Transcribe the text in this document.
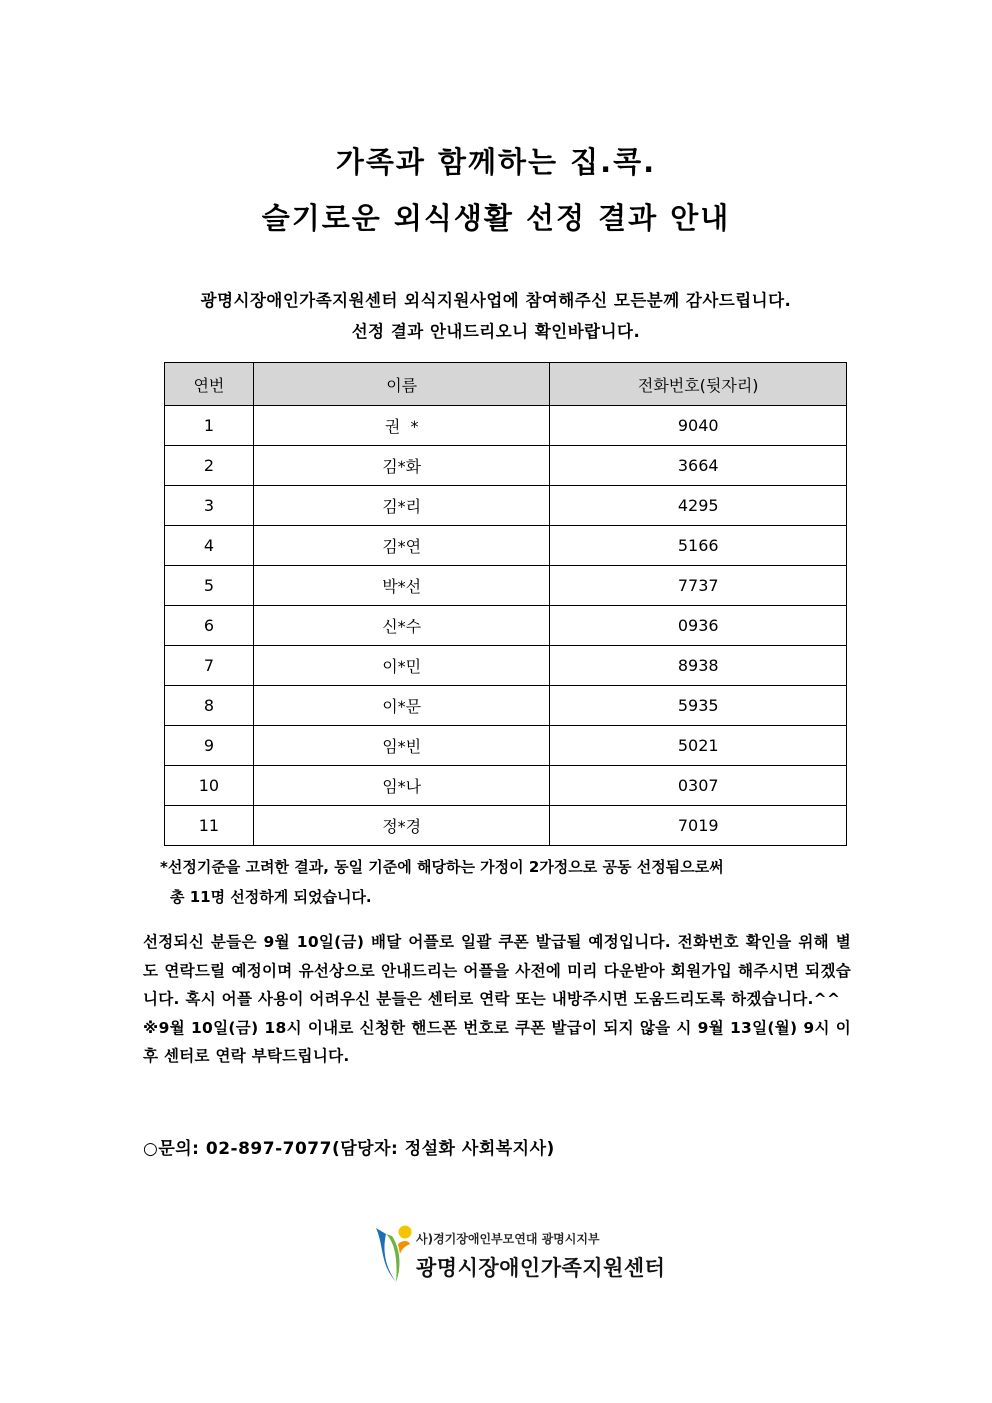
가족과 함께하는 집.콕.
슬기로운 외식생활 선정 결과 안내
광명시장애인가족지원센터 외식지원사업에 참여해주신 모든분께 감사드립니다.
선정 결과 안내드리오니 확인바랍니다.
연번	이름	전화번호(뒷자리)
1	권  *	9040
2	김*화	3664
3	김*리	4295
4	김*연	5166
5	박*선	7737
6	신*수	0936
7	이*민	8938
8	이*문	5935
9	임*빈	5021
10	임*나	0307
11	정*경	7019
*선정기준을 고려한 결과, 동일 기준에 해당하는 가정이 2가정으로 공동 선정됨으로써
총 11명 선정하게 되었습니다.

선정되신 분들은 9월 10일(금) 배달 어플로 일괄 쿠폰 발급될 예정입니다. 전화번호 확인을 위해 별도 연락드릴 예정이며 유선상으로 안내드리는 어플을 사전에 미리 다운받아 회원가입 해주시면 되겠습니다. 혹시 어플 사용이 어려우신 분들은 센터로 연락 또는 내방주시면 도움드리도록 하겠습니다.^^

※9월 10일(금) 18시 이내로 신청한 핸드폰 번호로 쿠폰 발급이 되지 않을 시 9월 13일(월) 9시 이후 센터로 연락 부탁드립니다.

○문의: 02-897-7077(담당자: 정설화 사회복지사)
사)경기장애인부모연대 광명시지부
광명시장애인가족지원센터
